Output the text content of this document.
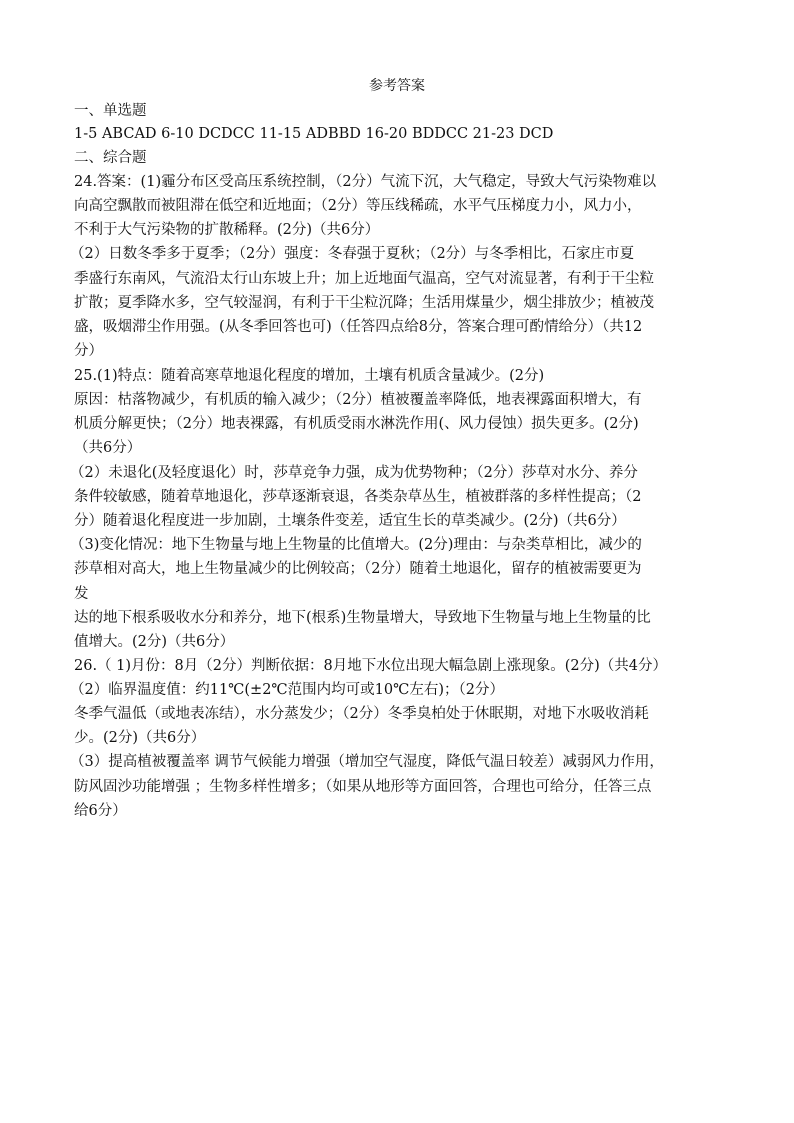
参考答案
一、单选题
1-5 ABCAD 6-10 DCDCC 11-15 ADBBD 16-20 BDDCC 21-23 DCD
二、综合题
24.答案：(1)霾分布区受高压系统控制，（2分）气流下沉，大气稳定，导致大气污染物难以
向高空飘散而被阻滞在低空和近地面；（2分）等压线稀疏，水平气压梯度力小，风力小，
不利于大气污染物的扩散稀释。(2分)（共6分）
（2）日数冬季多于夏季；（2分）强度：冬春强于夏秋；（2分）与冬季相比，石家庄市夏
季盛行东南风，气流沿太行山东坡上升；加上近地面气温高，空气对流显著，有利于干尘粒
扩散；夏季降水多，空气较湿润，有利于干尘粒沉降；生活用煤量少，烟尘排放少；植被茂
盛，吸烟滞尘作用强。(从冬季回答也可)（任答四点给8分，答案合理可酌情给分）（共12
分）
25.(1)特点：随着高寒草地退化程度的增加，土壤有机质含量减少。(2分)
原因：枯落物减少，有机质的输入减少；（2分）植被覆盖率降低，地表裸露面积增大，有
机质分解更快；（2分）地表裸露，有机质受雨水淋洗作用(、风力侵蚀）损失更多。(2分)
（共6分）
（2）未退化(及轻度退化）时，莎草竞争力强，成为优势物种；（2分）莎草对水分、养分
条件较敏感，随着草地退化，莎草逐渐衰退，各类杂草丛生，植被群落的多样性提高；（2
分）随着退化程度进一步加剧，土壤条件变差，适宜生长的草类减少。(2分)（共6分）
（3)变化情况：地下生物量与地上生物量的比值增大。(2分)理由：与杂类草相比，减少的
莎草相对高大，地上生物量减少的比例较高；（2分）随着土地退化，留存的植被需要更为
发
达的地下根系吸收水分和养分，地下(根系)生物量增大，导致地下生物量与地上生物量的比
值增大。(2分)（共6分）
26.（ 1)月份：8月（2分）判断依据：8月地下水位出现大幅急剧上涨现象。(2分)（共4分）
（2）临界温度值：约11℃(±2℃范围内均可或10℃左右)；（2分）
冬季气温低（或地表冻结），水分蒸发少；（2分）冬季臭柏处于休眠期，对地下水吸收消耗
少。(2分)（共6分）
（3）提高植被覆盖率 调节气候能力增强（增加空气湿度，降低气温日较差）减弱风力作用，
防风固沙功能增强 ；生物多样性增多；（如果从地形等方面回答，合理也可给分，任答三点
给6分）
